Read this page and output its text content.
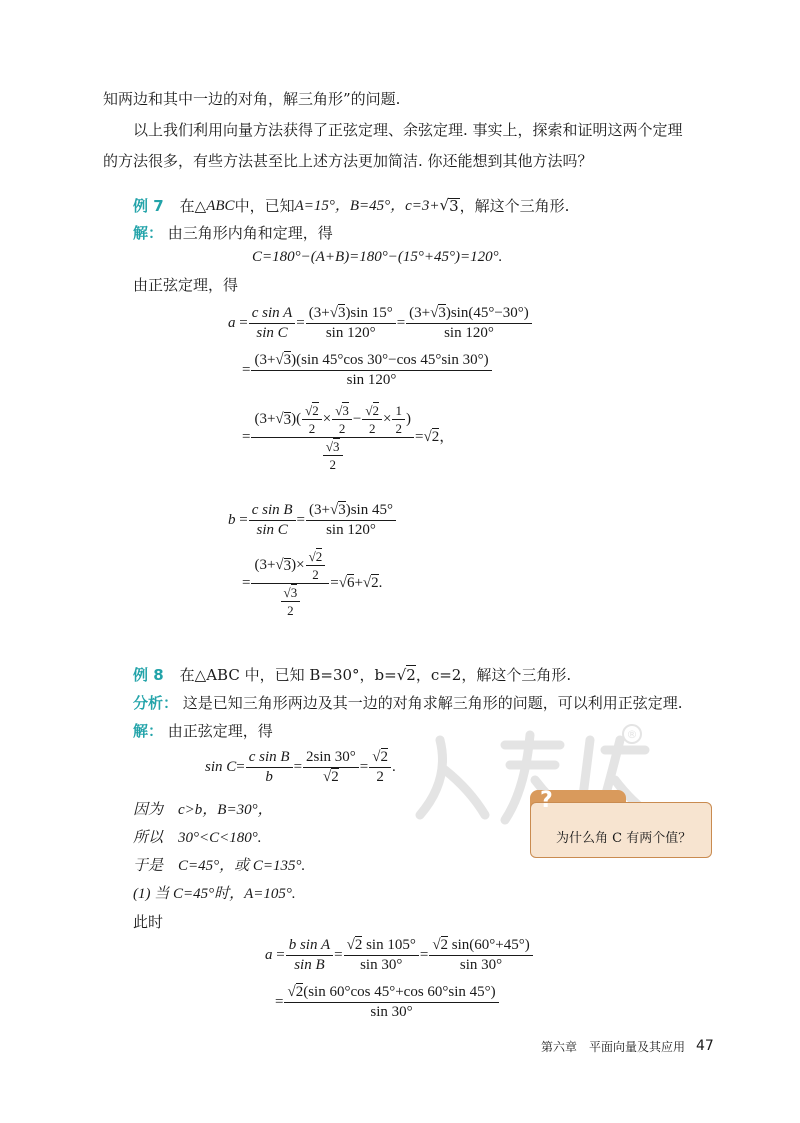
知两边和其中一边的对角，解三角形”的问题.
以上我们利用向量方法获得了正弦定理、余弦定理. 事实上，探索和证明这两个定理
的方法很多，有些方法甚至比上述方法更加简洁. 你还能想到其他方法吗？
例 7 在△ ABC 中，已知 A=15°，B=45°，c=3+ √ 3 ，解这个三角形.
解： 由三角形内角和定理，得
C=180°−(A+B)=180°−(15°+45°)=120°.
由正弦定理，得
$a = \frac{\text{c sin A}}{\text{sin C}} = \frac{(3+√3)\sin 15^\circ}{\sin 120^\circ} = \frac{(3+√3)\sin(45^\circ-30^\circ)}{\sin 120^\circ}$
= $\frac{(3+√3)(\sin 45^\circ\cos 30^\circ-\cos 45^\circ\sin 30^\circ)}{\sin 120^\circ}$
= $\frac{(3+√ 3 )( \frac{√2}{2} \times \frac{√3}{2} - \frac{√2}{2} \times \frac{1}{2} )}{\frac{√3}{2}} =√2$，
$b = \frac{\text{c sin B}}{\text{sin C}} = \frac{(3+√3)\sin 45^\circ}{\sin 120^\circ}$
= $\frac{(3+√ 3 )\times \frac{√2}{2}}{\frac{√3}{2}} =√6+√2$.
例 8 在△ABC 中，已知 B=30°，b= √2 ，c=2，解这个三角形.
分析： 这是已知三角形两边及其一边的对角求解三角形的问题，可以利用正弦定理.
解： 由正弦定理，得	®
$\sin C = \frac{\text{c sin B}}{b} = \frac{2\sin 30^\circ}{√2} = \frac{√2}{2}$ .
因为　c>b，B=30°，
所以　30°<C<180°.
于是　C=45°，或 C=135°.
(1) 当 C=45°时，A=105°.
此时
?
为什么角 C 有两个值？
$a = \frac{\text{b sin A}}{\text{sin B}} = \frac{√2 \sin 105^\circ}{\sin 30^\circ} = \frac{√2 \sin(60^\circ+45^\circ)}{\sin 30^\circ}$
= $\frac{√2(\sin 60^\circ\cos 45^\circ+\cos 60^\circ\sin 45^\circ)}{\sin 30^\circ}$
第六章　平面向量及其应用 47
